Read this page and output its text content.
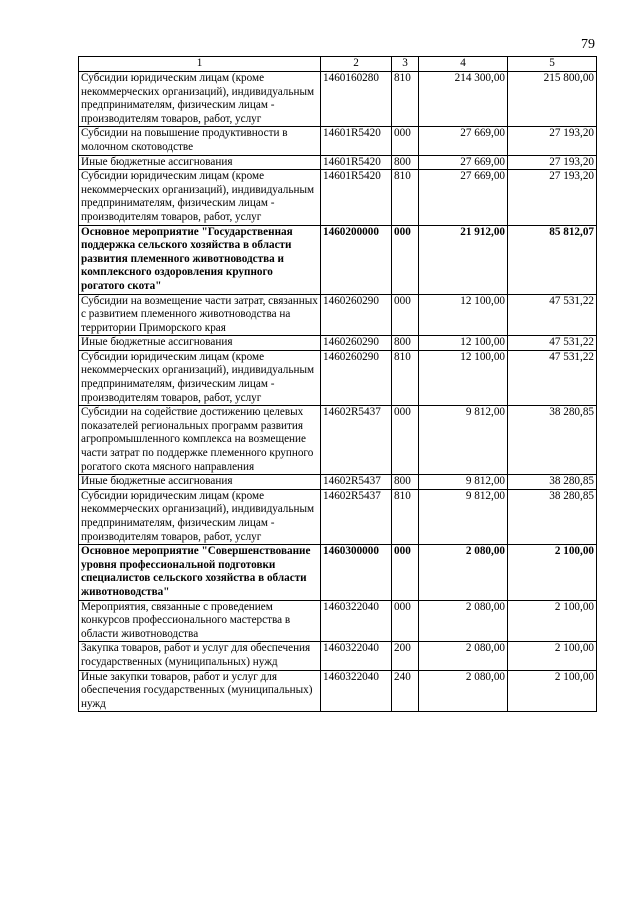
79
1	2	3	4	5
Субсидии юридическим лицам (кроме некоммерческих организаций), индивидуальным предпринимателям, физическим лицам - производителям товаров, работ, услуг	1460160280	810	214 300,00	215 800,00
Субсидии на повышение продуктивности в молочном скотоводстве	14601R5420	000	27 669,00	27 193,20
Иные бюджетные ассигнования	14601R5420	800	27 669,00	27 193,20
Субсидии юридическим лицам (кроме некоммерческих организаций), индивидуальным предпринимателям, физическим лицам - производителям товаров, работ, услуг	14601R5420	810	27 669,00	27 193,20
Основное мероприятие "Государственная поддержка сельского хозяйства в области развития племенного животноводства и комплексного оздоровления крупного рогатого скота"	1460200000	000	21 912,00	85 812,07
Субсидии на возмещение части затрат, связанных с развитием племенного животноводства на территории Приморского края	1460260290	000	12 100,00	47 531,22
Иные бюджетные ассигнования	1460260290	800	12 100,00	47 531,22
Субсидии юридическим лицам (кроме некоммерческих организаций), индивидуальным предпринимателям, физическим лицам - производителям товаров, работ, услуг	1460260290	810	12 100,00	47 531,22
Субсидии на содействие достижению целевых показателей региональных программ развития агропромышленного комплекса на возмещение части затрат по поддержке племенного крупного рогатого скота мясного направления	14602R5437	000	9 812,00	38 280,85
Иные бюджетные ассигнования	14602R5437	800	9 812,00	38 280,85
Субсидии юридическим лицам (кроме некоммерческих организаций), индивидуальным предпринимателям, физическим лицам - производителям товаров, работ, услуг	14602R5437	810	9 812,00	38 280,85
Основное мероприятие "Совершенствование уровня профессиональной подготовки специалистов сельского хозяйства в области животноводства"	1460300000	000	2 080,00	2 100,00
Мероприятия, связанные с проведением конкурсов профессионального мастерства в области животноводства	1460322040	000	2 080,00	2 100,00
Закупка товаров, работ и услуг для обеспечения государственных (муниципальных) нужд	1460322040	200	2 080,00	2 100,00
Иные закупки товаров, работ и услуг для обеспечения государственных (муниципальных) нужд	1460322040	240	2 080,00	2 100,00
